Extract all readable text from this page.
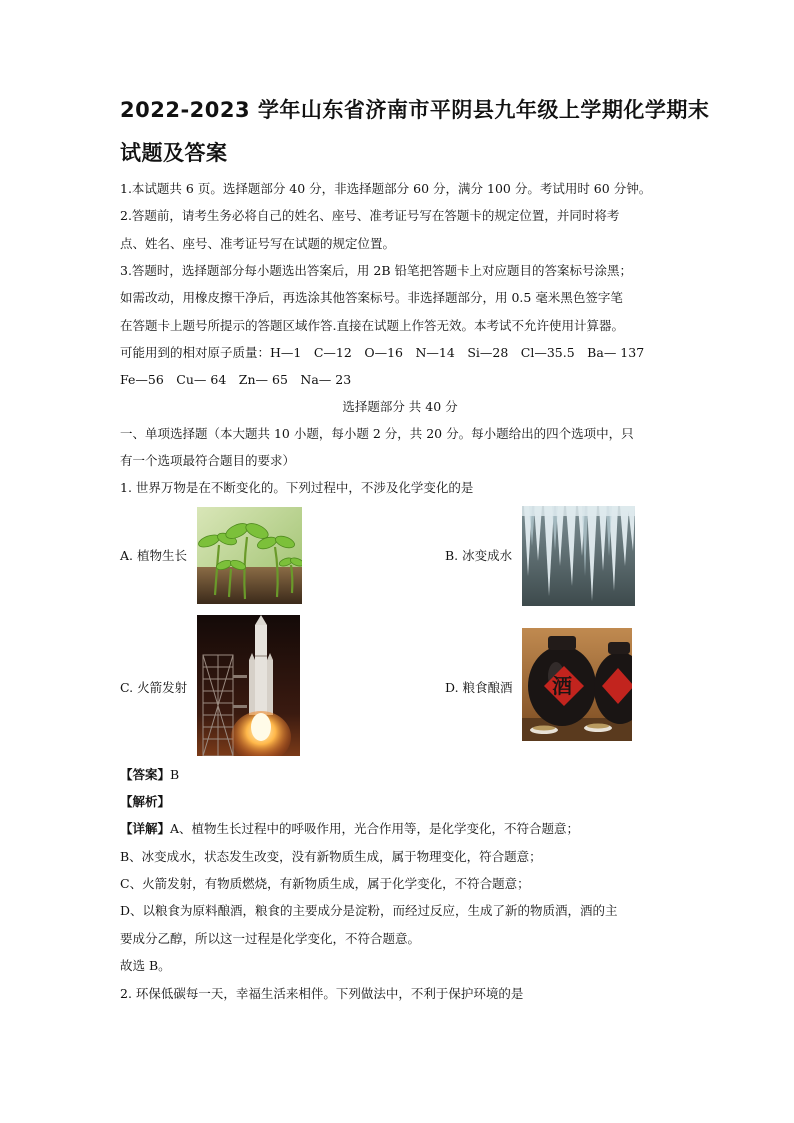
2022-2023 学年山东省济南市平阴县九年级上学期化学期末
试题及答案
1.本试题共 6 页。选择题部分 40 分，非选择题部分 60 分，满分 100 分。考试用时 60 分钟。
2.答题前，请考生务必将自己的姓名、座号、准考证号写在答题卡的规定位置，并同时将考
点、姓名、座号、准考证号写在试题的规定位置。
3.答题时，选择题部分每小题选出答案后，用 2B 铅笔把答题卡上对应题目的答案标号涂黑；
如需改动，用橡皮擦干净后，再选涂其他答案标号。非选择题部分，用 0.5 毫米黑色签字笔
在答题卡上题号所提示的答题区域作答.直接在试题上作答无效。本考试不允许使用计算器。
可能用到的相对原子质量：H—1　C—12　O—16　N—14　Si—28　Cl—35.5　Ba— 137
Fe—56　Cu— 64　Zn— 65　Na— 23
选择题部分 共 40 分
一、单项选择题（本大题共 10 小题，每小题 2 分，共 20 分。每小题给出的四个选项中，只
有一个选项最符合题目的要求）
1. 世界万物是在不断变化的。下列过程中，不涉及化学变化的是
A. 植物生长	B. 冰变成水
C. 火箭发射	D. 粮食酿酒 酒
【答案】B
【解析】
【详解】A、植物生长过程中的呼吸作用，光合作用等，是化学变化，不符合题意；
B、冰变成水，状态发生改变，没有新物质生成，属于物理变化，符合题意；
C、火箭发射，有物质燃烧，有新物质生成，属于化学变化，不符合题意；
D、以粮食为原料酿酒，粮食的主要成分是淀粉，而经过反应，生成了新的物质酒，酒的主
要成分乙醇，所以这一过程是化学变化，不符合题意。
故选 B。
2. 环保低碳每一天，幸福生活来相伴。下列做法中，不利于保护环境的是
